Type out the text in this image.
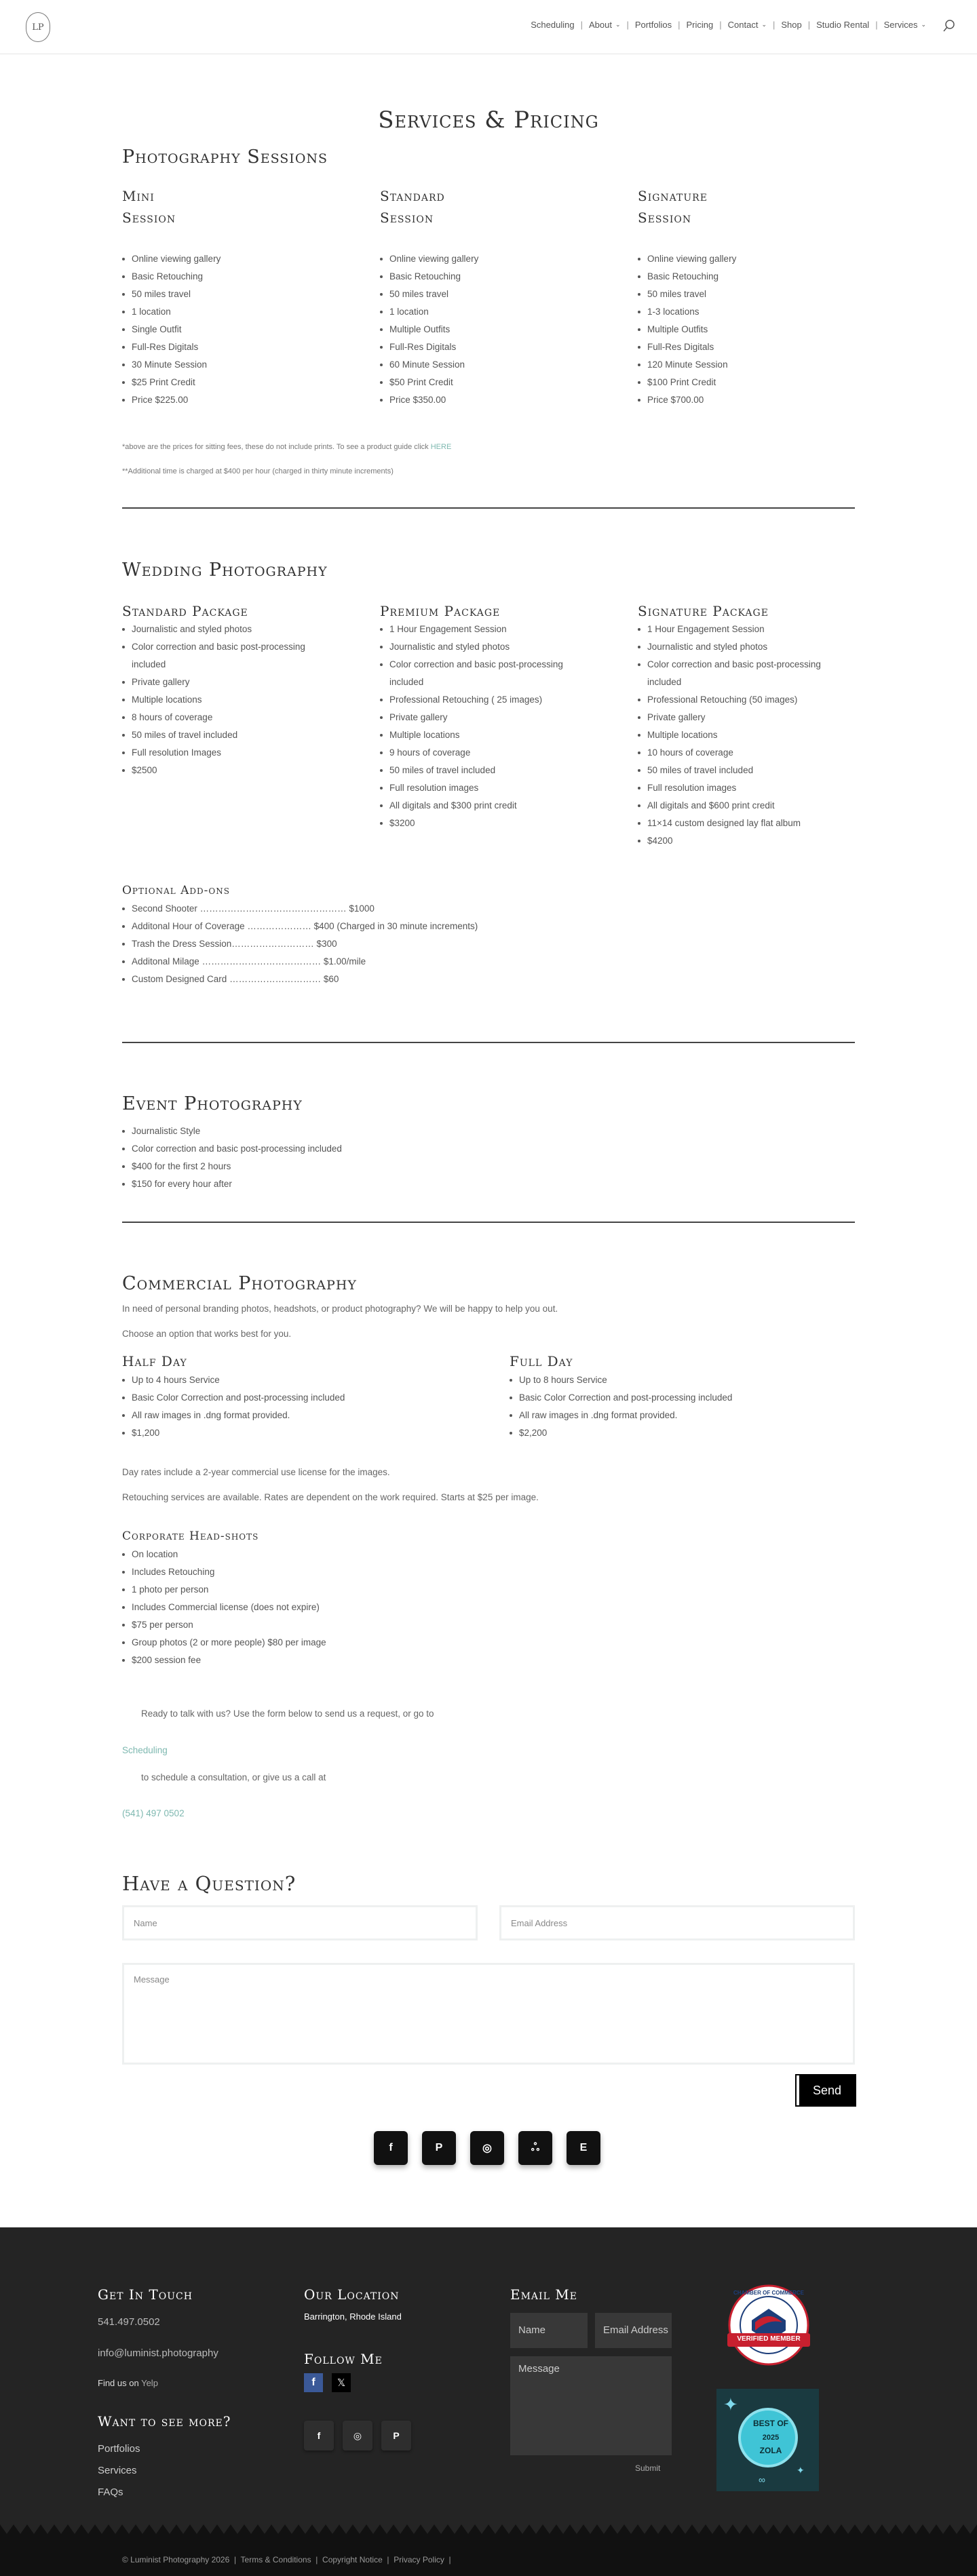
LP	Scheduling | About ⌄ | Portfolios | Pricing | Contact ⌄ | Shop | Studio Rental | Services ⌄
Services & Pricing
Photography Sessions
Mini
Session
Online viewing gallery
Basic Retouching
50 miles travel
1 location
Single Outfit
Full-Res Digitals
30 Minute Session
$25 Print Credit
Price $225.00
Standard
Session
Online viewing gallery
Basic Retouching
50 miles travel
1 location
Multiple Outfits
Full-Res Digitals
60 Minute Session
$50 Print Credit
Price $350.00
Signature
Session
Online viewing gallery
Basic Retouching
50 miles travel
1-3 locations
Multiple Outfits
Full-Res Digitals
120 Minute Session
$100 Print Credit
Price $700.00
*above are the prices for sitting fees, these do not include prints. To see a product guide click HERE
**Additional time is charged at $400 per hour (charged in thirty minute increments)
Wedding Photography
Standard Package
Journalistic and styled photos
Color correction and basic post-processing included
Private gallery
Multiple locations
8 hours of coverage
50 miles of travel included
Full resolution Images
$2500
Premium Package
1 Hour Engagement Session
Journalistic and styled photos
Color correction and basic post-processing included
Professional Retouching ( 25 images)
Private gallery
Multiple locations
9 hours of coverage
50 miles of travel included
Full resolution images
All digitals and $300 print credit
$3200
Signature Package
1 Hour Engagement Session
Journalistic and styled photos
Color correction and basic post-processing included
Professional Retouching (50 images)
Private gallery
Multiple locations
10 hours of coverage
50 miles of travel included
Full resolution images
All digitals and $600 print credit
11×14 custom designed lay flat album
$4200
Optional Add-ons
Second Shooter ………………………………………… $1000
Additonal Hour of Coverage ………………… $400 (Charged in 30 minute increments)
Trash the Dress Session……………………… $300
Additonal Milage ………………………………… $1.00/mile
Custom Designed Card ………………………… $60
Event Photography
Journalistic Style
Color correction and basic post-processing included
$400 for the first 2 hours
$150 for every hour after
Commercial Photography
In need of personal branding photos, headshots, or product photography? We will be happy to help you out.
Choose an option that works best for you.
Half Day
Up to 4 hours Service
Basic Color Correction and post-processing included
All raw images in .dng format provided.
$1,200
Full Day
Up to 8 hours Service
Basic Color Correction and post-processing included
All raw images in .dng format provided.
$2,200
Day rates include a 2-year commercial use license for the images.
Retouching services are available. Rates are dependent on the work required. Starts at $25 per image.
Corporate Head-shots
On location
Includes Retouching
1 photo per person
Includes Commercial license (does not expire)
$75 per person
Group photos (2 or more people) $80 per image
$200 session fee
Ready to talk with us? Use the form below to send us a request, or go to
Scheduling
to schedule a consultation, or give us a call at
(541) 497 0502
Have a Question?
Name	Email Address
Message
Send
f	P	◎	ஃ	E
Get In Touch
541.497.0502
info@luminist.photography
Find us on Yelp
Want to see more?
Portfolios
Services
FAQs
Our Location
Barrington, Rhode Island
Follow Me
f	𝕏
f	◎	P
Email Me
Name	Email Address
Message
Submit
VERIFIED MEMBER
CHAMBER OF COMMERCE
✦
✦
BEST OF
2025
ZOLA
∞
© Luminist Photography 2026  |  Terms & Conditions  |  Copyright Notice  |  Privacy Policy  |
